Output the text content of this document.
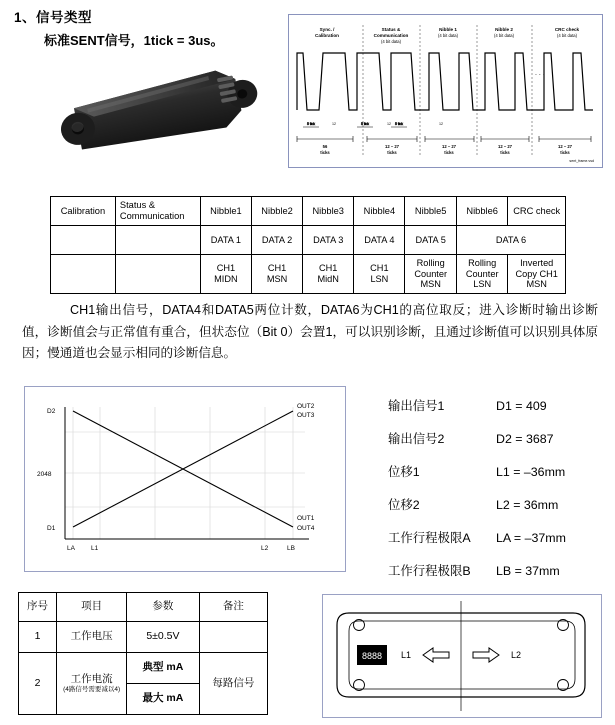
1、信号类型
标准SENT信号，1tick = 3us。
Sync. /
Calibration
Status &
Communication
Nibble 1	Nibble 2	CRC check
(4 bit data)
(4 bit data)	(4 bit data)	(4 bit data)
5 tick	5 tick	5 tick
12	12	12
56
ticks
12 – 27
ticks
12 – 27
ticks
12 – 27
ticks
12 – 27
ticks
. . .
sent_frame.vsd
Calibration	Status &
Communication	Nibble1	Nibble2	Nibble3	Nibble4	Nibble5	Nibble6	CRC check
		DATA 1	DATA 2	DATA 3	DATA 4	DATA 5	DATA 6	
		CH1
MIDN	CH1
MSN	CH1
MidN	CH1
LSN	Rolling
Counter
MSN	Rolling
Counter
LSN	Inverted
Copy CH1
MSN
CH1输出信号，DATA4和DATA5两位计数，DATA6为CH1的高位取反；进入诊断时输出诊断值，诊断值会与正常值有重合，但状态位（Bit 0）会置1，可以识别诊断，且通过诊断值可以识别具体原因；慢通道也会显示相同的诊断信息。
D2
2048
D1
OUT2
OUT3
OUT1
OUT4
LA L1	L2	LB
输出信号1	D1 = 409
输出信号2	D2 = 3687
位移1	L1 = –36mm
位移2	L2 = 36mm
工作行程极限A	LA = –37mm
工作行程极限B	LB = 37mm
序号	项目	参数	备注
1	工作电压	5±0.5V	
2	工作电流
(4路信号需要减以4)	典型 mA	每路信号
		最大 mA	
8888 L1	L2
